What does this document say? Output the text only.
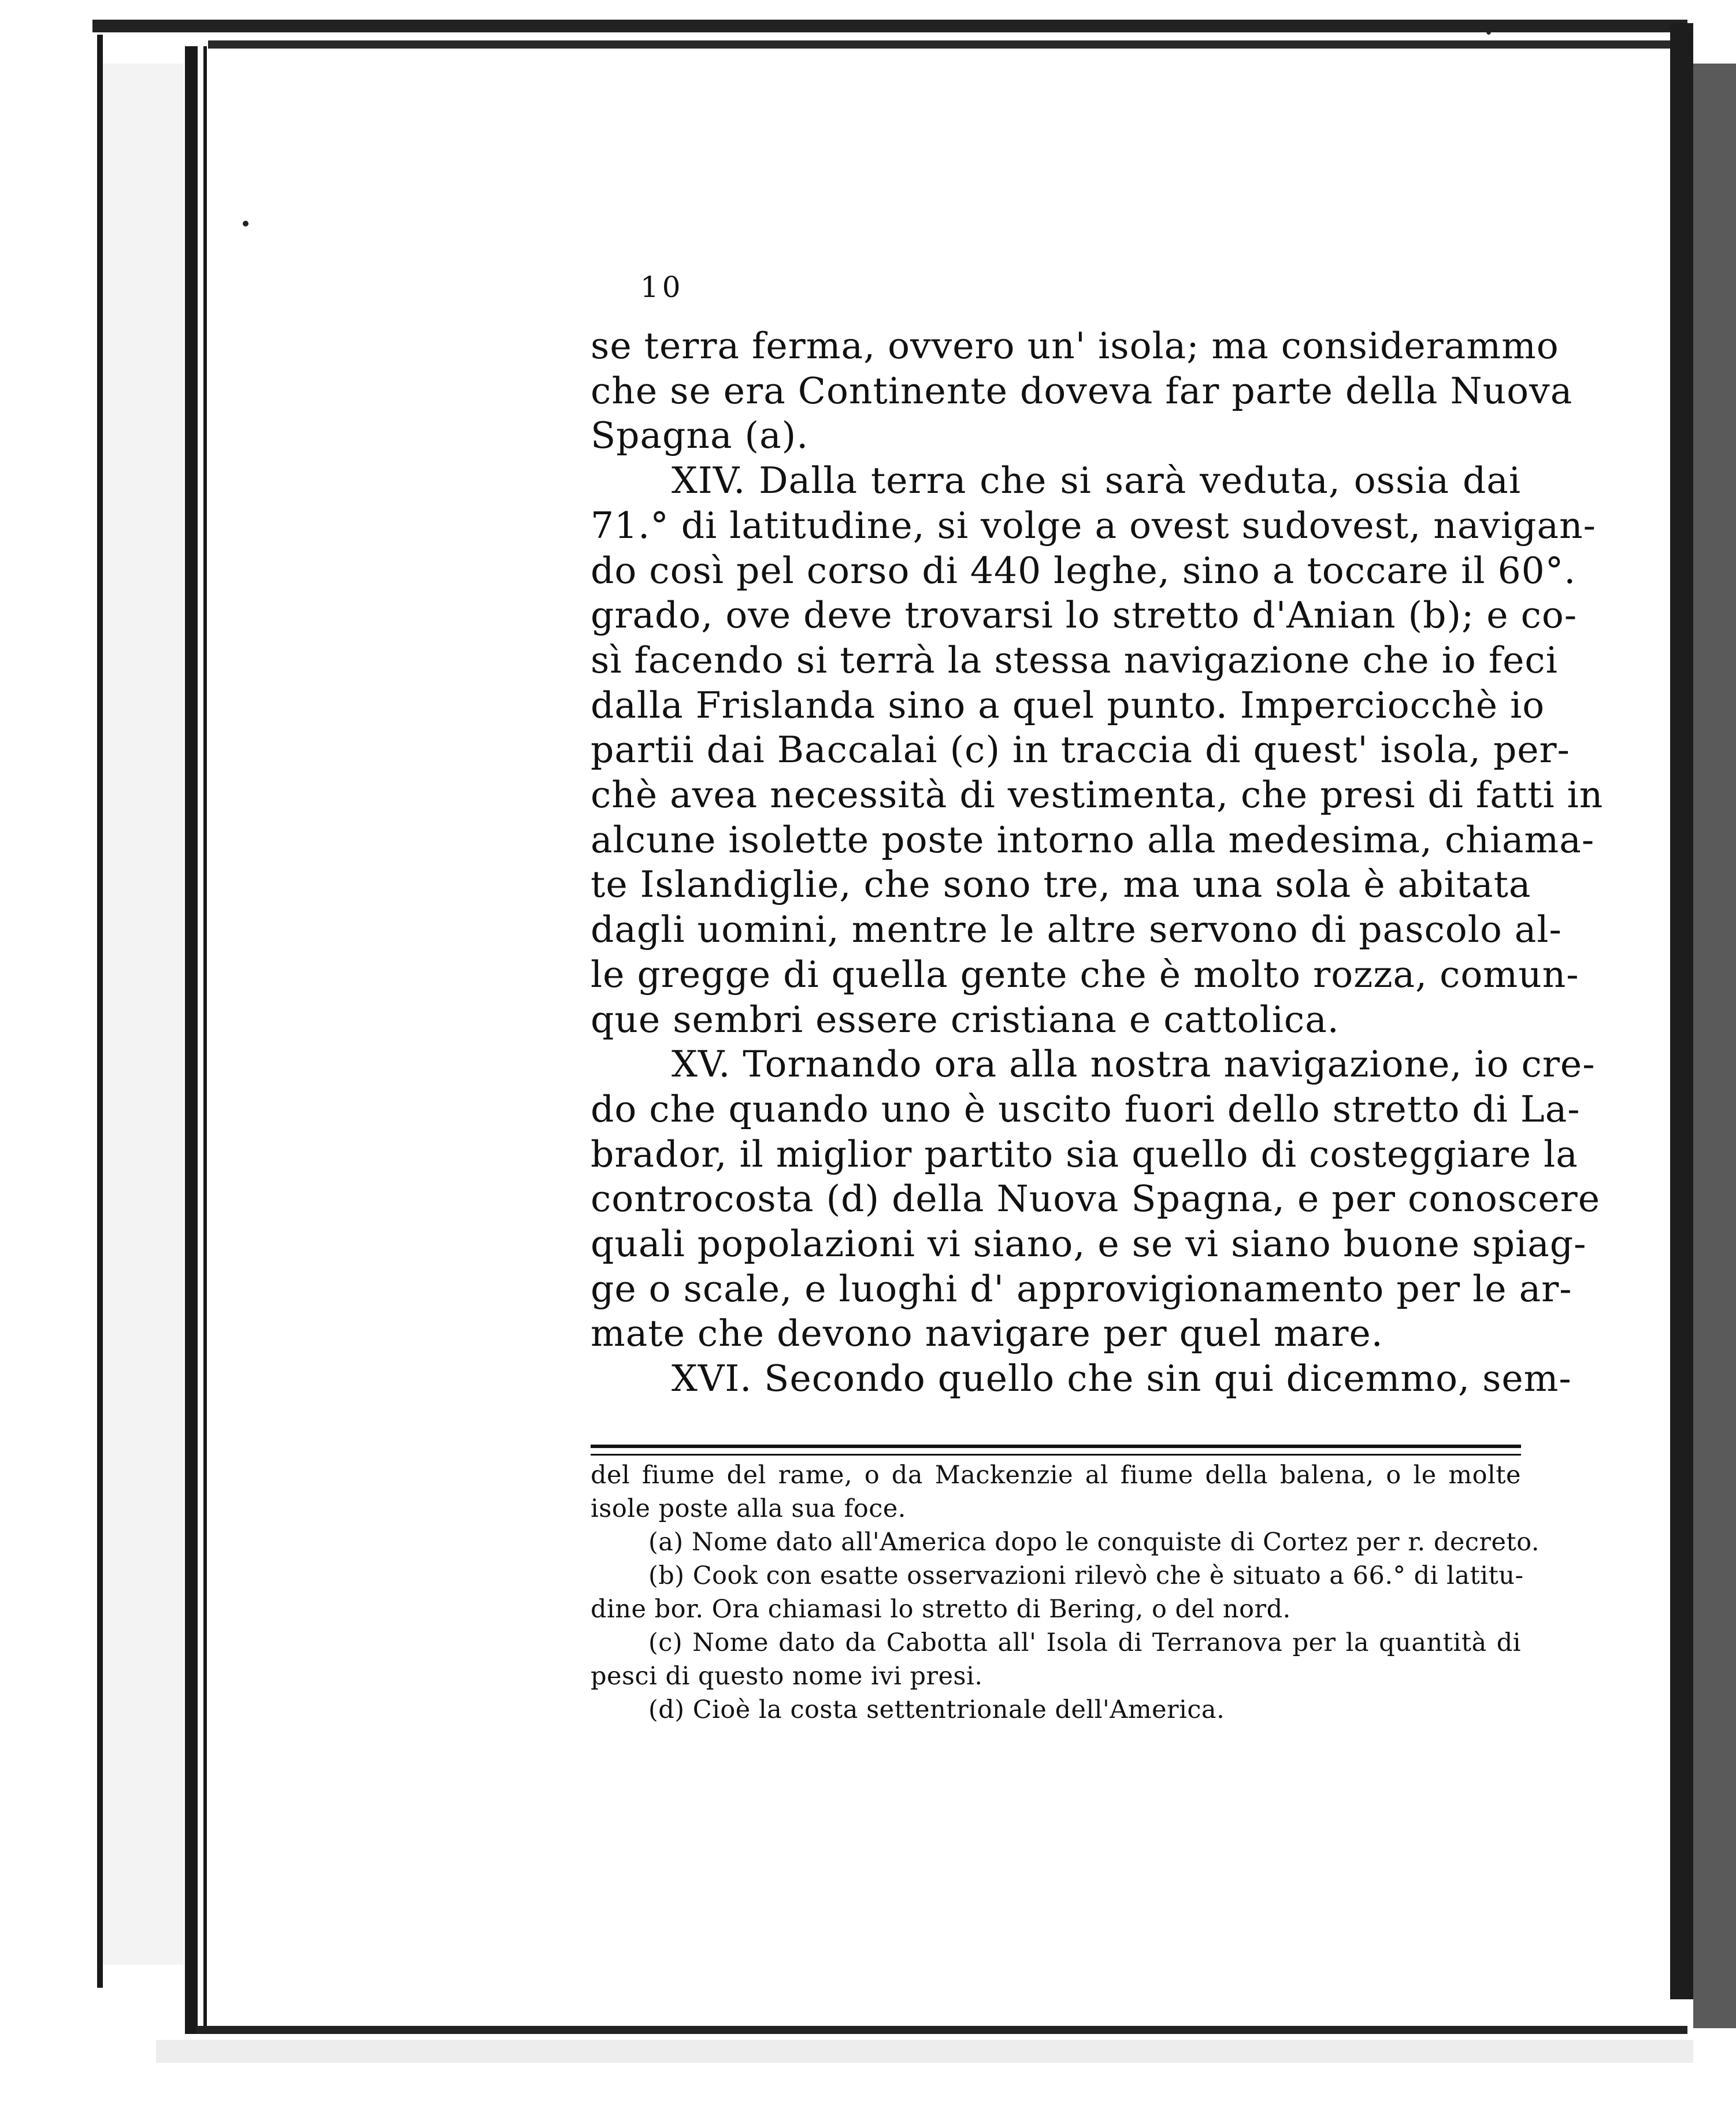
10
se terra ferma, ovvero un' isola; ma considerammo
che se era Continente doveva far parte della Nuova
Spagna (a).
XIV. Dalla terra che si sarà veduta, ossia dai
71.° di latitudine, si volge a ovest sudovest, navigan-
do così pel corso di 440 leghe, sino a toccare il 60°.
grado, ove deve trovarsi lo stretto d'Anian (b); e co-
sì facendo si terrà la stessa navigazione che io feci
dalla Frislanda sino a quel punto. Imperciocchè io
partii dai Baccalai (c) in traccia di quest' isola, per-
chè avea necessità di vestimenta, che presi di fatti in
alcune isolette poste intorno alla medesima, chiama-
te Islandiglie, che sono tre, ma una sola è abitata
dagli uomini, mentre le altre servono di pascolo al-
le gregge di quella gente che è molto rozza, comun-
que sembri essere cristiana e cattolica.
XV. Tornando ora alla nostra navigazione, io cre-
do che quando uno è uscito fuori dello stretto di La-
brador, il miglior partito sia quello di costeggiare la
controcosta (d) della Nuova Spagna, e per conoscere
quali popolazioni vi siano, e se vi siano buone spiag-
ge o scale, e luoghi d' approvigionamento per le ar-
mate che devono navigare per quel mare.
XVI. Secondo quello che sin qui dicemmo, sem-
del fiume del rame, o da Mackenzie al fiume della balena, o le molte
isole poste alla sua foce.
(a) Nome dato all'America dopo le conquiste di Cortez per r. decreto.
(b) Cook con esatte osservazioni rilevò che è situato a 66.° di latitu-
dine bor. Ora chiamasi lo stretto di Bering, o del nord.
(c) Nome dato da Cabotta all' Isola di Terranova per la quantità di
pesci di questo nome ivi presi.
(d) Cioè la costa settentrionale dell'America.
